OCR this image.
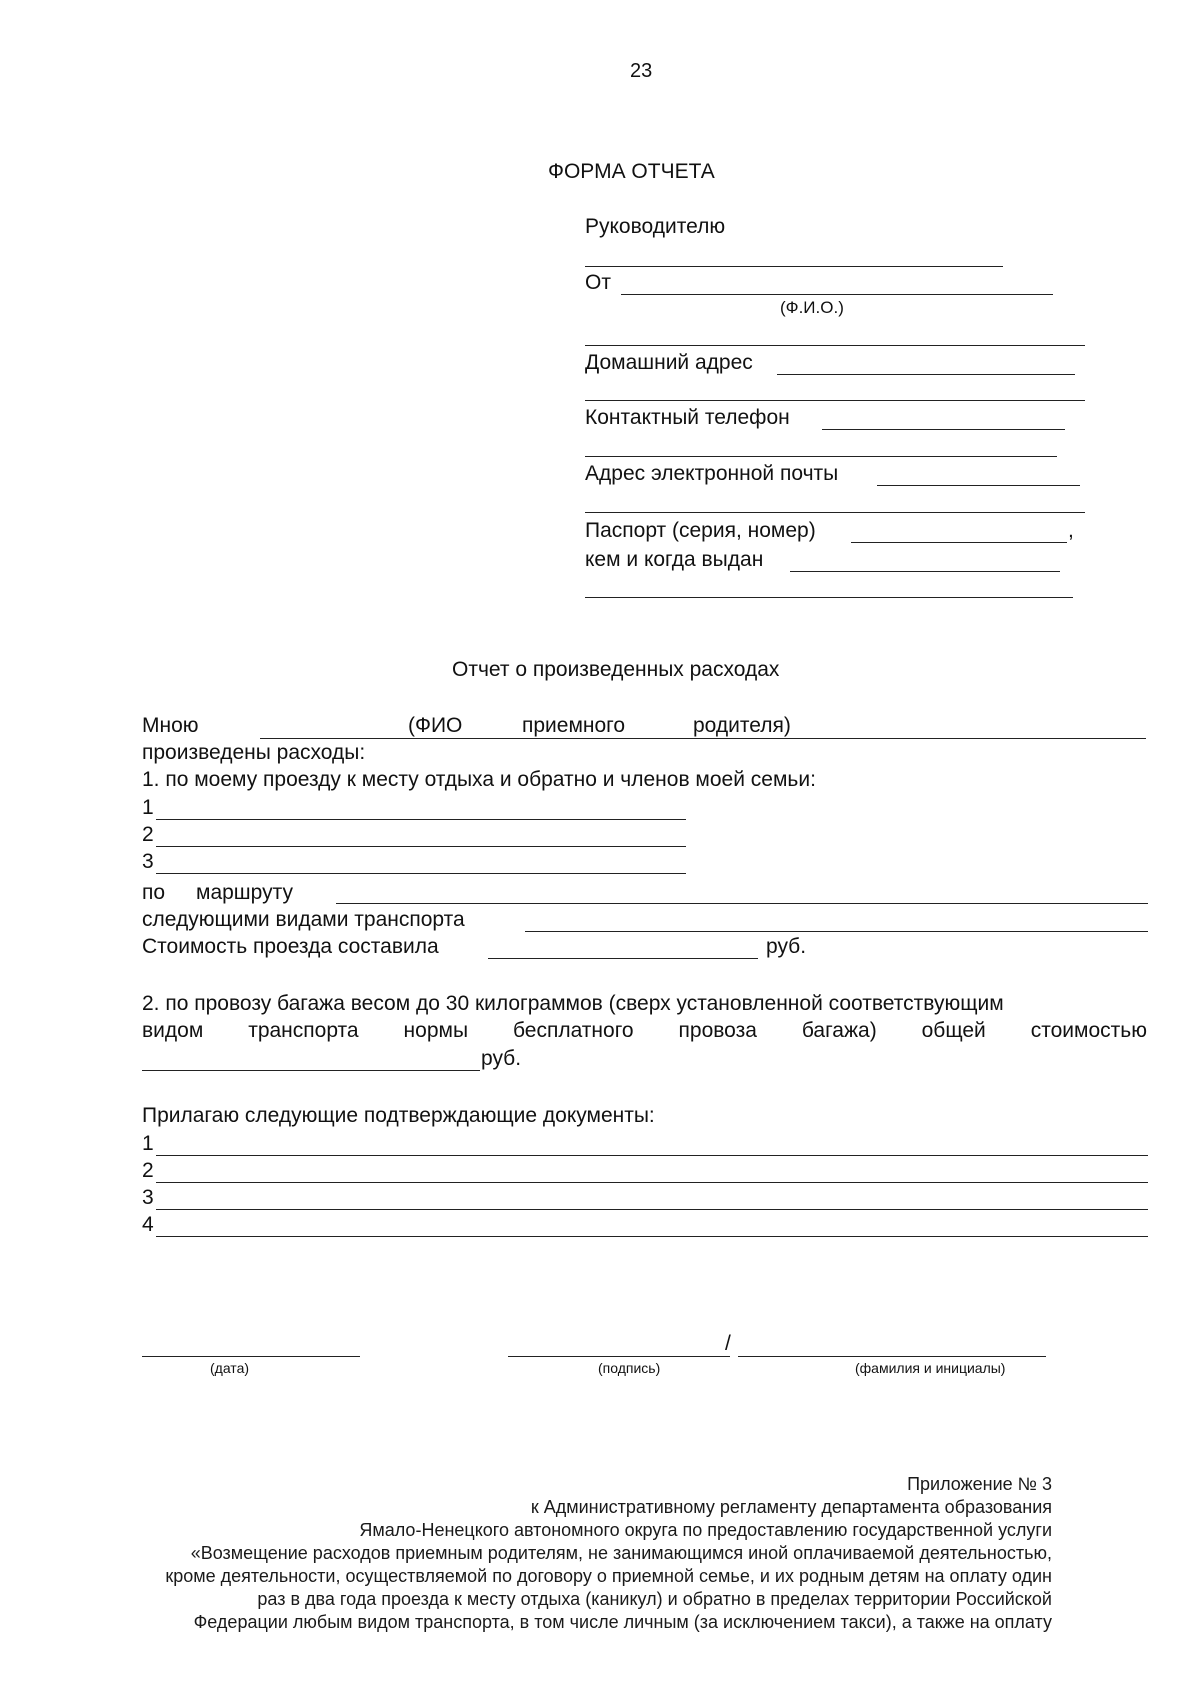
23
ФОРМА ОТЧЕТА
Руководителю
От
(Ф.И.О.)
Домашний адрес
Контактный телефон
Адрес электронной почты
Паспорт (серия, номер)	,
кем и когда выдан
Отчет о произведенных расходах
Мною	(ФИО	приемного	родителя)
произведены расходы:
1. по моему проезду к месту отдыха и обратно и членов моей семьи:
1
2
3
по маршруту
следующими видами транспорта
Стоимость проезда составила	руб.
2. по провозу багажа весом до 30 килограммов (сверх установленной соответствующим
видом транспорта нормы бесплатного провоза багажа) общей стоимостью
руб.
Прилагаю следующие подтверждающие документы:
1
2
3
4
(дата)
/
(подпись)	(фамилия и инициалы)
Приложение № 3
к Административному регламенту департамента образования
Ямало-Ненецкого автономного округа по предоставлению государственной услуги
«Возмещение расходов приемным родителям, не занимающимся иной оплачиваемой деятельностью,
кроме деятельности, осуществляемой по договору о приемной семье, и их родным детям на оплату один
раз в два года проезда к месту отдыха (каникул) и обратно в пределах территории Российской
Федерации любым видом транспорта, в том числе личным (за исключением такси), а также на оплату
